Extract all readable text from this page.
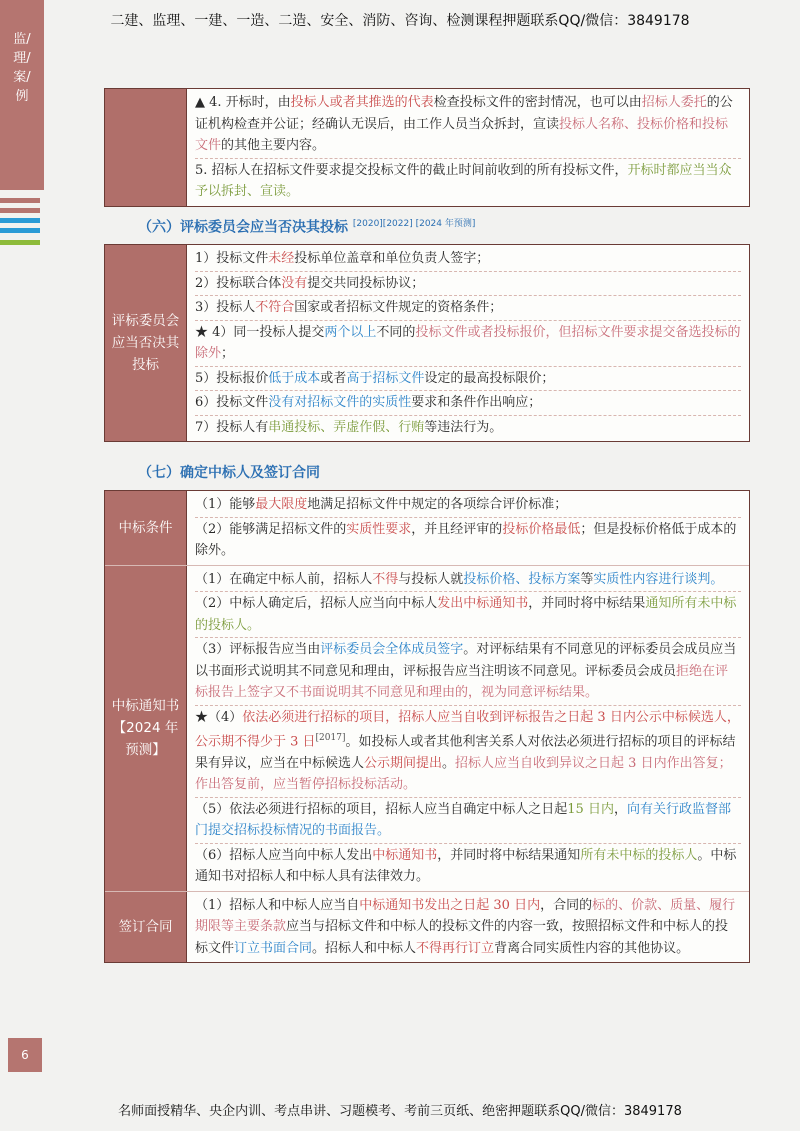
二建、监理、一建、一造、二造、安全、消防、咨询、检测课程押题联系QQ/微信：3849178
监/理/案/例	▲ 4. 开标时，由投标人或者其推选的代表检查投标文件的密封情况，也可以由招标人委托的公证机构检查并公证；经确认无误后，由工作人员当众拆封，宣读投标人名称、投标价格和投标文件的其他主要内容。
5. 招标人在招标文件要求提交投标文件的截止时间前收到的所有投标文件，开标时都应当当众予以拆封、宣读。
（六）评标委员会应当否决其投标 [2020][2022] [2024 年预测]
评标委员会应当否决其投标
1）投标文件未经投标单位盖章和单位负责人签字；
2）投标联合体没有提交共同投标协议；
3）投标人不符合国家或者招标文件规定的资格条件；
★ 4）同一投标人提交两个以上不同的投标文件或者投标报价，但招标文件要求提交备选投标的除外；
5）投标报价低于成本或者高于招标文件设定的最高投标限价；
6）投标文件没有对招标文件的实质性要求和条件作出响应；
7）投标人有串通投标、弄虚作假、行贿等违法行为。
（七）确定中标人及签订合同
中标条件
（1）能够最大限度地满足招标文件中规定的各项综合评价标准；
（2）能够满足招标文件的实质性要求，并且经评审的投标价格最低；但是投标价格低于成本的除外。
中标通知书【2024 年预测】
（1）在确定中标人前，招标人不得与投标人就投标价格、投标方案等实质性内容进行谈判。
（2）中标人确定后，招标人应当向中标人发出中标通知书，并同时将中标结果通知所有未中标的投标人。
（3）评标报告应当由评标委员会全体成员签字。对评标结果有不同意见的评标委员会成员应当以书面形式说明其不同意见和理由，评标报告应当注明该不同意见。评标委员会成员拒绝在评标报告上签字又不书面说明其不同意见和理由的，视为同意评标结果。
★（4）依法必须进行招标的项目，招标人应当自收到评标报告之日起 3 日内公示中标候选人，公示期不得少于 3 日[2017]。如投标人或者其他利害关系人对依法必须进行招标的项目的评标结果有异议，应当在中标候选人公示期间提出。招标人应当自收到异议之日起 3 日内作出答复；作出答复前，应当暂停招标投标活动。
（5）依法必须进行招标的项目，招标人应当自确定中标人之日起15 日内，向有关行政监督部门提交招标投标情况的书面报告。
（6）招标人应当向中标人发出中标通知书，并同时将中标结果通知所有未中标的投标人。中标通知书对招标人和中标人具有法律效力。
签订合同
（1）招标人和中标人应当自中标通知书发出之日起 30 日内，合同的标的、价款、质量、履行期限等主要条款应当与招标文件和中标人的投标文件的内容一致，按照招标文件和中标人的投标文件订立书面合同。招标人和中标人不得再行订立背离合同实质性内容的其他协议。
6
名师面授精华、央企内训、考点串讲、习题模考、考前三页纸、绝密押题联系QQ/微信：3849178
